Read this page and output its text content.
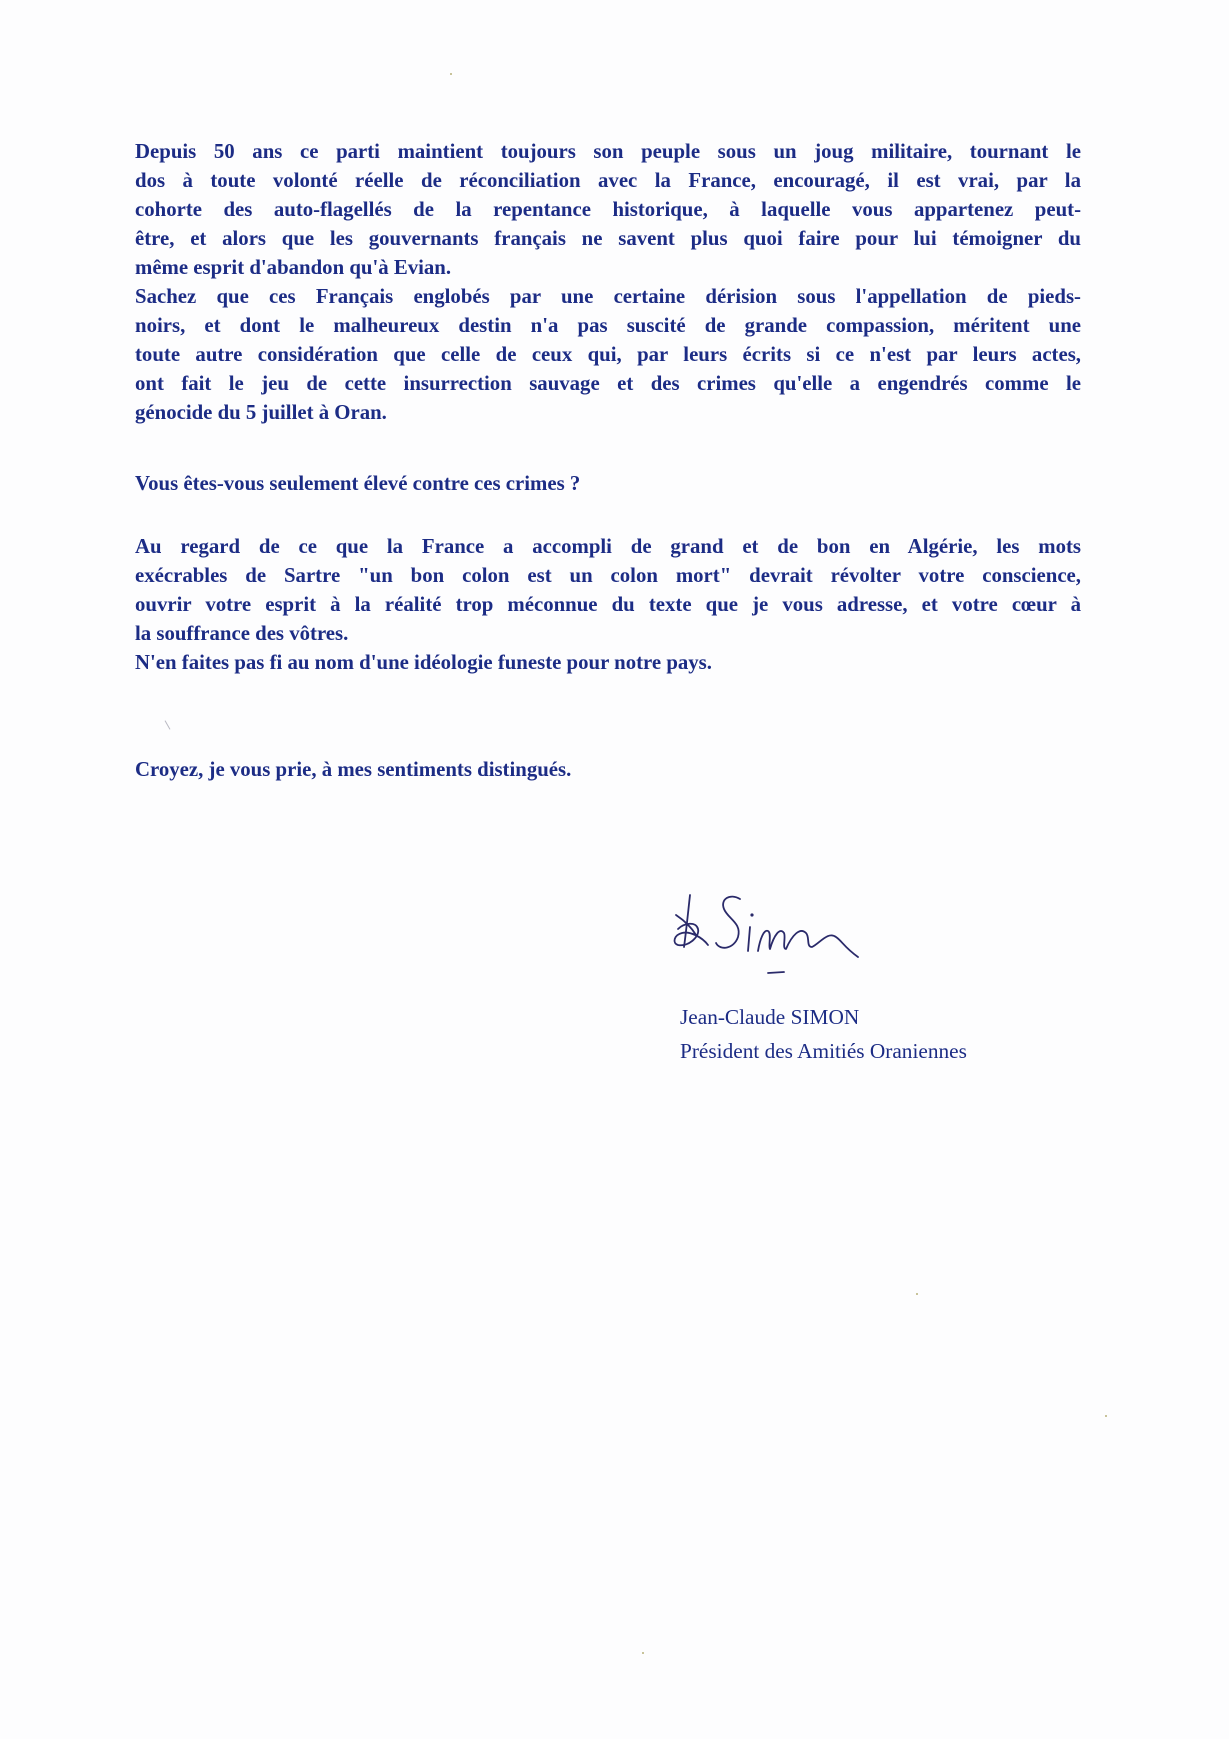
Depuis 50 ans ce parti maintient toujours son peuple sous un joug militaire, tournant le
dos à toute volonté réelle de réconciliation avec la France, encouragé, il est vrai, par la
cohorte des auto-flagellés de la repentance historique, à laquelle vous appartenez peut-
être, et alors que les gouvernants français ne savent plus quoi faire pour lui témoigner du
même esprit d'abandon qu'à Evian.
Sachez que ces Français englobés par une certaine dérision sous l'appellation de pieds-
noirs, et dont le malheureux destin n'a pas suscité de grande compassion, méritent une
toute autre considération que celle de ceux qui, par leurs écrits si ce n'est par leurs actes,
ont fait le jeu de cette insurrection sauvage et des crimes qu'elle a engendrés comme le
génocide du 5 juillet à Oran.
Vous êtes-vous seulement élevé contre ces crimes ?
Au regard de ce que la France a accompli de grand et de bon en Algérie, les mots
exécrables de Sartre "un bon colon est un colon mort" devrait révolter votre conscience,
ouvrir votre esprit à la réalité trop méconnue du texte que je vous adresse, et votre cœur à
la souffrance des vôtres.
N'en faites pas fi au nom d'une idéologie funeste pour notre pays.
Croyez, je vous prie, à mes sentiments distingués.
Jean-Claude SIMON
Président des Amitiés Oraniennes
